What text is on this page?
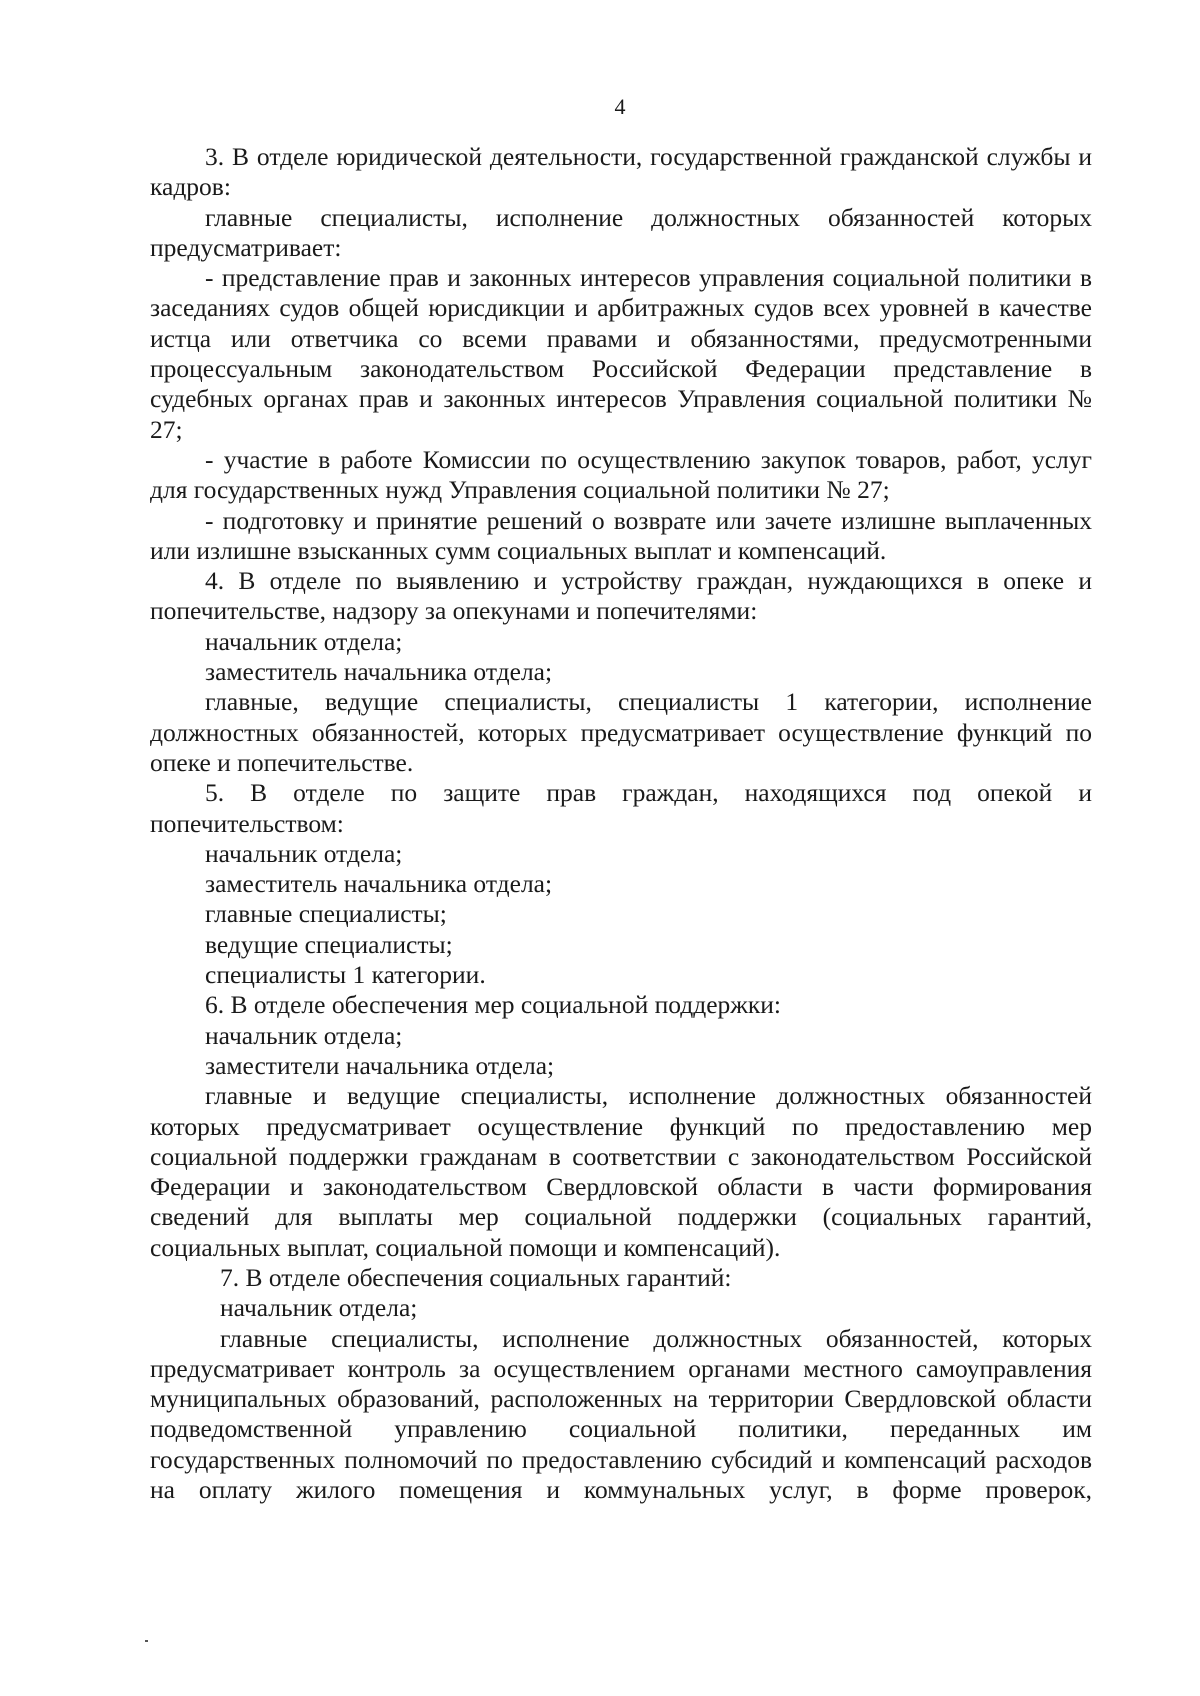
4

3. В отделе юридической деятельности, государственной гражданской службы и кадров:

главные специалисты, исполнение должностных обязанностей которых предусматривает:

- представление прав и законных интересов управления социальной политики в заседаниях судов общей юрисдикции и арбитражных судов всех уровней в качестве истца или ответчика со всеми правами и обязанностями, предусмотренными процессуальным законодательством Российской Федерации представление в судебных органах прав и законных интересов Управления социальной политики № 27;

- участие в работе Комиссии по осуществлению закупок товаров, работ, услуг для государственных нужд Управления социальной политики № 27;

- подготовку и принятие решений о возврате или зачете излишне выплаченных или излишне взысканных сумм социальных выплат и компенсаций.

4. В отделе по выявлению и устройству граждан, нуждающихся в опеке и попечительстве, надзору за опекунами и попечителями:

начальник отдела;

заместитель начальника отдела;

главные, ведущие специалисты, специалисты 1 категории, исполнение должностных обязанностей, которых предусматривает осуществление функций по опеке и попечительстве.

5. В отделе по защите прав граждан, находящихся под опекой и попечительством:

начальник отдела;

заместитель начальника отдела;

главные специалисты;

ведущие специалисты;

специалисты 1 категории.

6. В отделе обеспечения мер социальной поддержки:

начальник отдела;

заместители начальника отдела;

главные и ведущие специалисты, исполнение должностных обязанностей которых предусматривает осуществление функций по предоставлению мер социальной поддержки гражданам в соответствии с законодательством Российской Федерации и законодательством Свердловской области в части формирования сведений для выплаты мер социальной поддержки (социальных гарантий, социальных выплат, социальной помощи и компенсаций).

7. В отделе обеспечения социальных гарантий:

начальник отдела;

главные специалисты, исполнение должностных обязанностей, которых предусматривает контроль за осуществлением органами местного самоуправления муниципальных образований, расположенных на территории Свердловской области подведомственной управлению социальной политики, переданных им государственных полномочий по предоставлению субсидий и компенсаций расходов на оплату жилого помещения и коммунальных услуг, в форме проверок,
